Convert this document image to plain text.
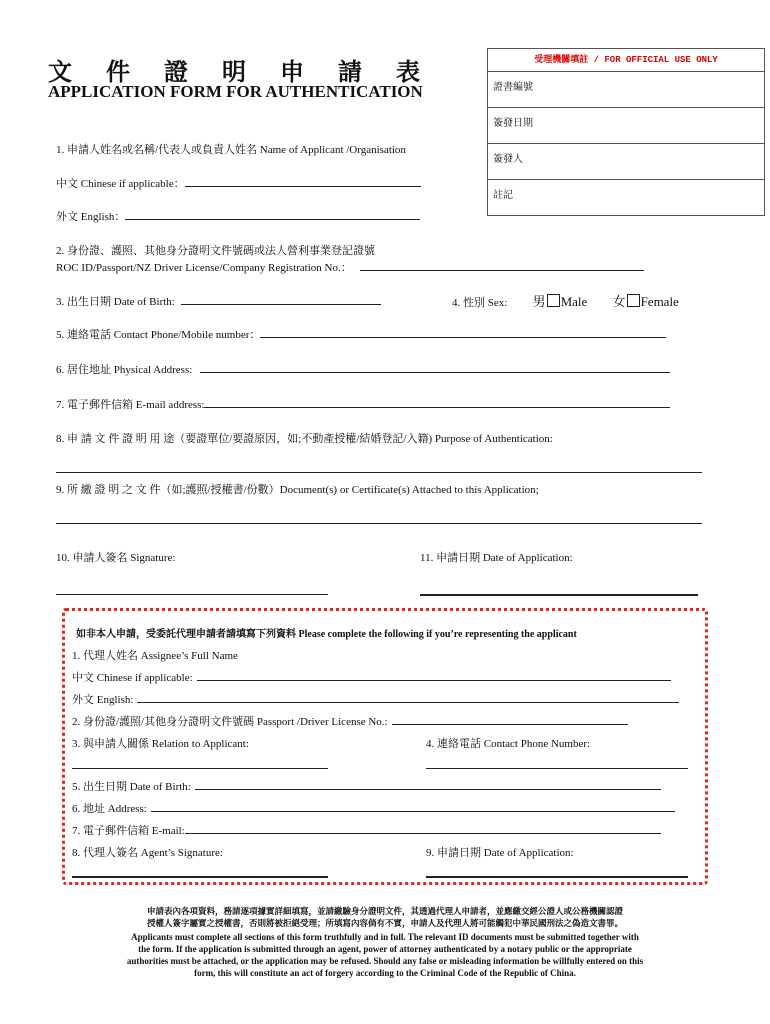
文 件 證 明 申 請 表
APPLICATION FORM FOR AUTHENTICATION
受理機關填註 / FOR OFFICIAL USE ONLY
證書編號
簽發日期
簽發人
註記
1. 申請人姓名或名稱/代表人或負責人姓名 Name of Applicant /Organisation
中文 Chinese if applicable：
外文 English：
2. 身份證、護照、其他身分證明文件號碼或法人營利事業登記證號
ROC ID/Passport/NZ Driver License/Company Registration No.：
3. 出生日期 Date of Birth:	4. 性別 Sex: 男 Male 女 Female
5. 連絡電話 Contact Phone/Mobile number：
6. 居住地址 Physical Address:
7. 電子郵件信箱 E-mail address:
8. 申 請 文 件 證 明 用 途（要證單位/要證原因，如;不動產授權/結婚登記/入籍) Purpose of Authentication:
9. 所 繳 證 明 之 文 件（如;護照/授權書/份數）Document(s) or Certificate(s) Attached to this Application;
10. 申請人簽名 Signature:	11. 申請日期 Date of Application:
如非本人申請，受委託代理申請者請填寫下列資料 Please complete the following if you’re representing the applicant
1. 代理人姓名 Assignee’s Full Name
中文 Chinese if applicable:
外文 English:
2. 身份證/護照/其他身分證明文件號碼 Passport /Driver License No.:
3. 與申請人關係 Relation to Applicant:	4. 連絡電話 Contact Phone Number:
5. 出生日期 Date of Birth:
6. 地址 Address:
7. 電子郵件信箱 E-mail:
8. 代理人簽名 Agent’s Signature:	9. 申請日期 Date of Application:
申請表內各項資料，務請逐項據實詳細填寫，並請繳驗身分證明文件，其透過代理人申請者，並應繳交經公證人或公務機關認證
授權人簽字屬實之授權書，否則將被拒絕受理；所填寫內容倘有不實，申請人及代理人將可能觸犯中華民國刑法之偽造文書罪。
Applicants must complete all sections of this form truthfully and in full. The relevant ID documents must be submitted together with
the form. If the application is submitted through an agent, power of attorney authenticated by a notary public or the appropriate
authorities must be attached, or the application may be refused. Should any false or misleading information be willfully entered on this
form, this will constitute an act of forgery according to the Criminal Code of the Republic of China.
